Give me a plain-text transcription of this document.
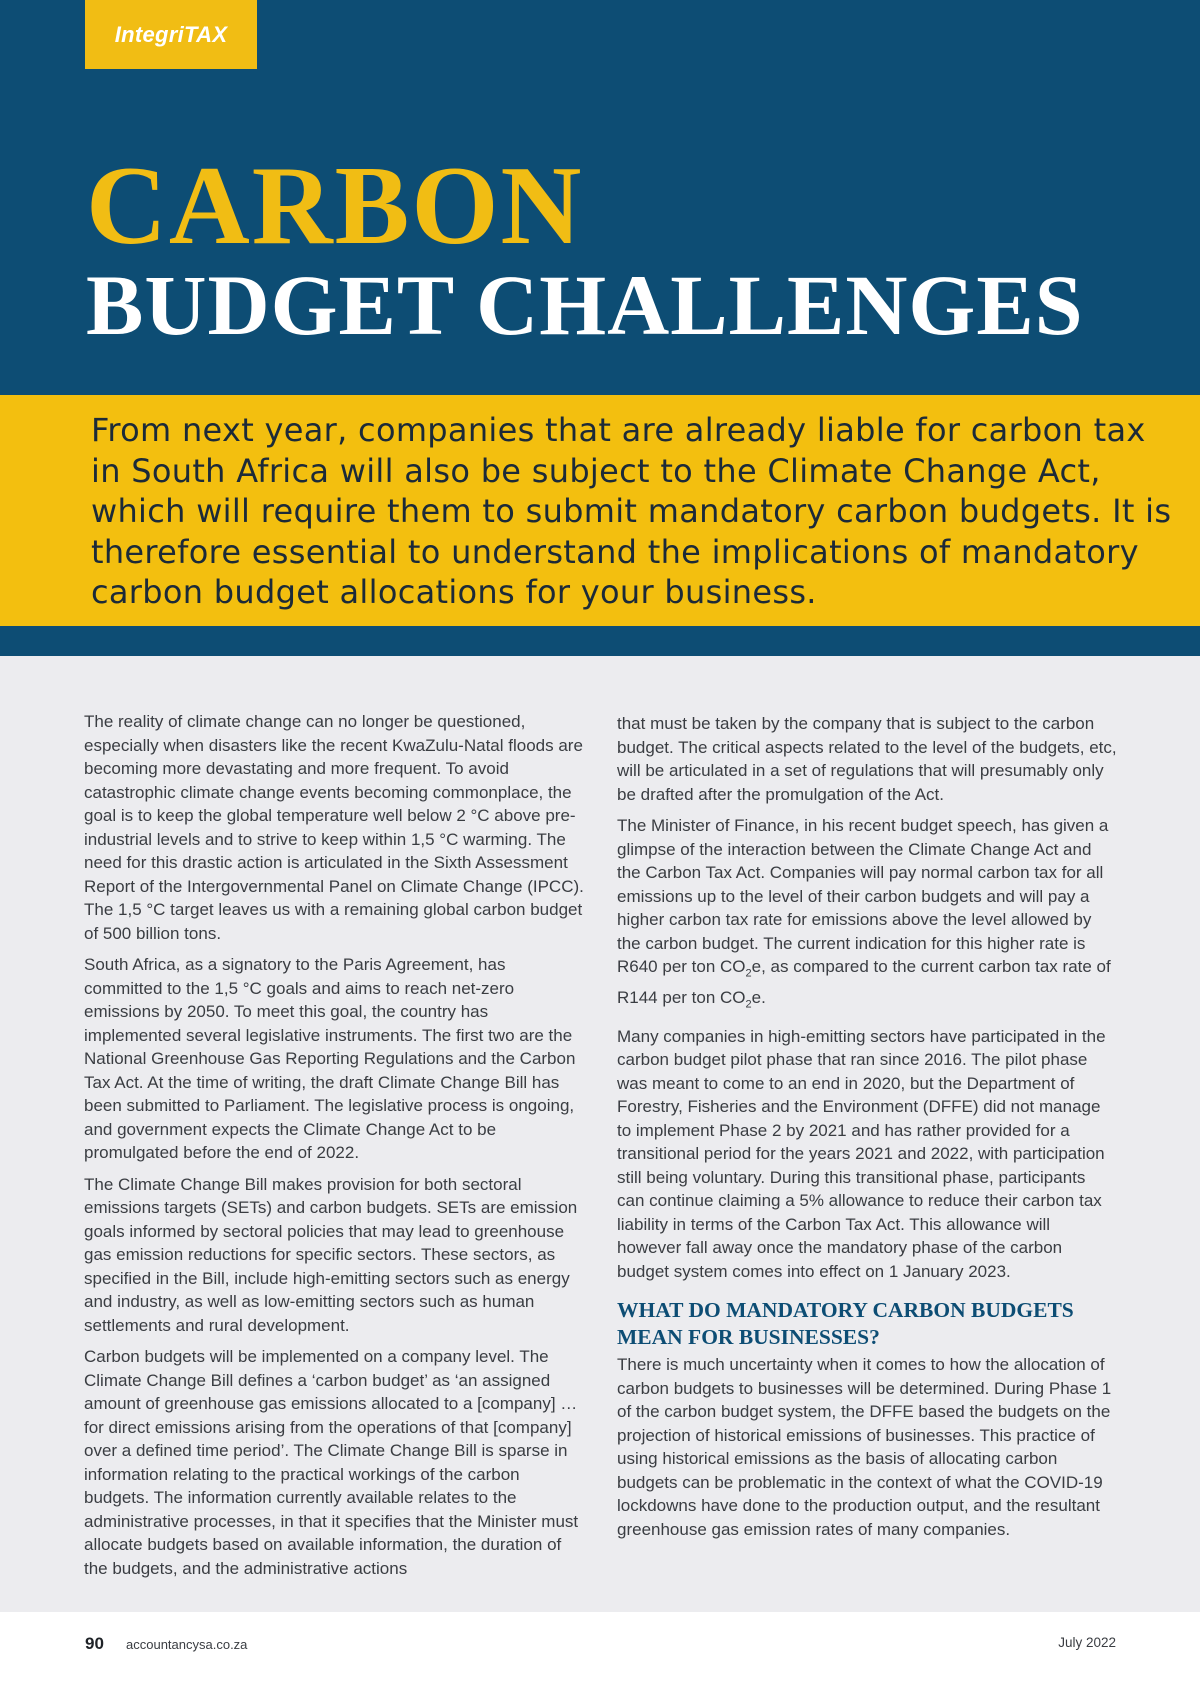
IntegriTAX
CARBON
BUDGET CHALLENGES

From next year, companies that are already liable for carbon tax in South Africa will also be subject to the Climate Change Act, which will require them to submit mandatory carbon budgets. It is therefore essential to understand the implications of mandatory carbon budget allocations for your business.

The reality of climate change can no longer be questioned, especially when disasters like the recent KwaZulu-Natal floods are becoming more devastating and more frequent. To avoid catastrophic climate change events becoming commonplace, the goal is to keep the global temperature well below 2 °C above pre-industrial levels and to strive to keep within 1,5 °C warming. The need for this drastic action is articulated in the Sixth Assessment Report of the Intergovernmental Panel on Climate Change (IPCC). The 1,5 °C target leaves us with a remaining global carbon budget of 500 billion tons.

South Africa, as a signatory to the Paris Agreement, has committed to the 1,5 °C goals and aims to reach net-zero emissions by 2050. To meet this goal, the country has implemented several legislative instruments. The first two are the National Greenhouse Gas Reporting Regulations and the Carbon Tax Act. At the time of writing, the draft Climate Change Bill has been submitted to Parliament. The legislative process is ongoing, and government expects the Climate Change Act to be promulgated before the end of 2022.

The Climate Change Bill makes provision for both sectoral emissions targets (SETs) and carbon budgets. SETs are emission goals informed by sectoral policies that may lead to greenhouse gas emission reductions for specific sectors. These sectors, as specified in the Bill, include high-emitting sectors such as energy and industry, as well as low-emitting sectors such as human settlements and rural development.

Carbon budgets will be implemented on a company level. The Climate Change Bill defines a ‘carbon budget’ as ‘an assigned amount of greenhouse gas emissions allocated to a [company] … for direct emissions arising from the operations of that [company] over a defined time period’. The Climate Change Bill is sparse in information relating to the practical workings of the carbon budgets. The information currently available relates to the administrative processes, in that it specifies that the Minister must allocate budgets based on available information, the duration of the budgets, and the administrative actions

that must be taken by the company that is subject to the carbon budget. The critical aspects related to the level of the budgets, etc, will be articulated in a set of regulations that will presumably only be drafted after the promulgation of the Act.

The Minister of Finance, in his recent budget speech, has given a glimpse of the interaction between the Climate Change Act and the Carbon Tax Act. Companies will pay normal carbon tax for all emissions up to the level of their carbon budgets and will pay a higher carbon tax rate for emissions above the level allowed by the carbon budget. The current indication for this higher rate is R640 per ton $CO_2e$, as compared to the current carbon tax rate of R144 per ton $CO_2e$.

Many companies in high-emitting sectors have participated in the carbon budget pilot phase that ran since 2016. The pilot phase was meant to come to an end in 2020, but the Department of Forestry, Fisheries and the Environment (DFFE) did not manage to implement Phase 2 by 2021 and has rather provided for a transitional period for the years 2021 and 2022, with participation still being voluntary. During this transitional phase, participants can continue claiming a 5% allowance to reduce their carbon tax liability in terms of the Carbon Tax Act. This allowance will however fall away once the mandatory phase of the carbon budget system comes into effect on 1 January 2023.

WHAT DO MANDATORY CARBON BUDGETS MEAN FOR BUSINESSES?

There is much uncertainty when it comes to how the allocation of carbon budgets to businesses will be determined. During Phase 1 of the carbon budget system, the DFFE based the budgets on the projection of historical emissions of businesses. This practice of using historical emissions as the basis of allocating carbon budgets can be problematic in the context of what the COVID-19 lockdowns have done to the production output, and the resultant greenhouse gas emission rates of many companies.

90 accountancysa.co.za	July 2022
